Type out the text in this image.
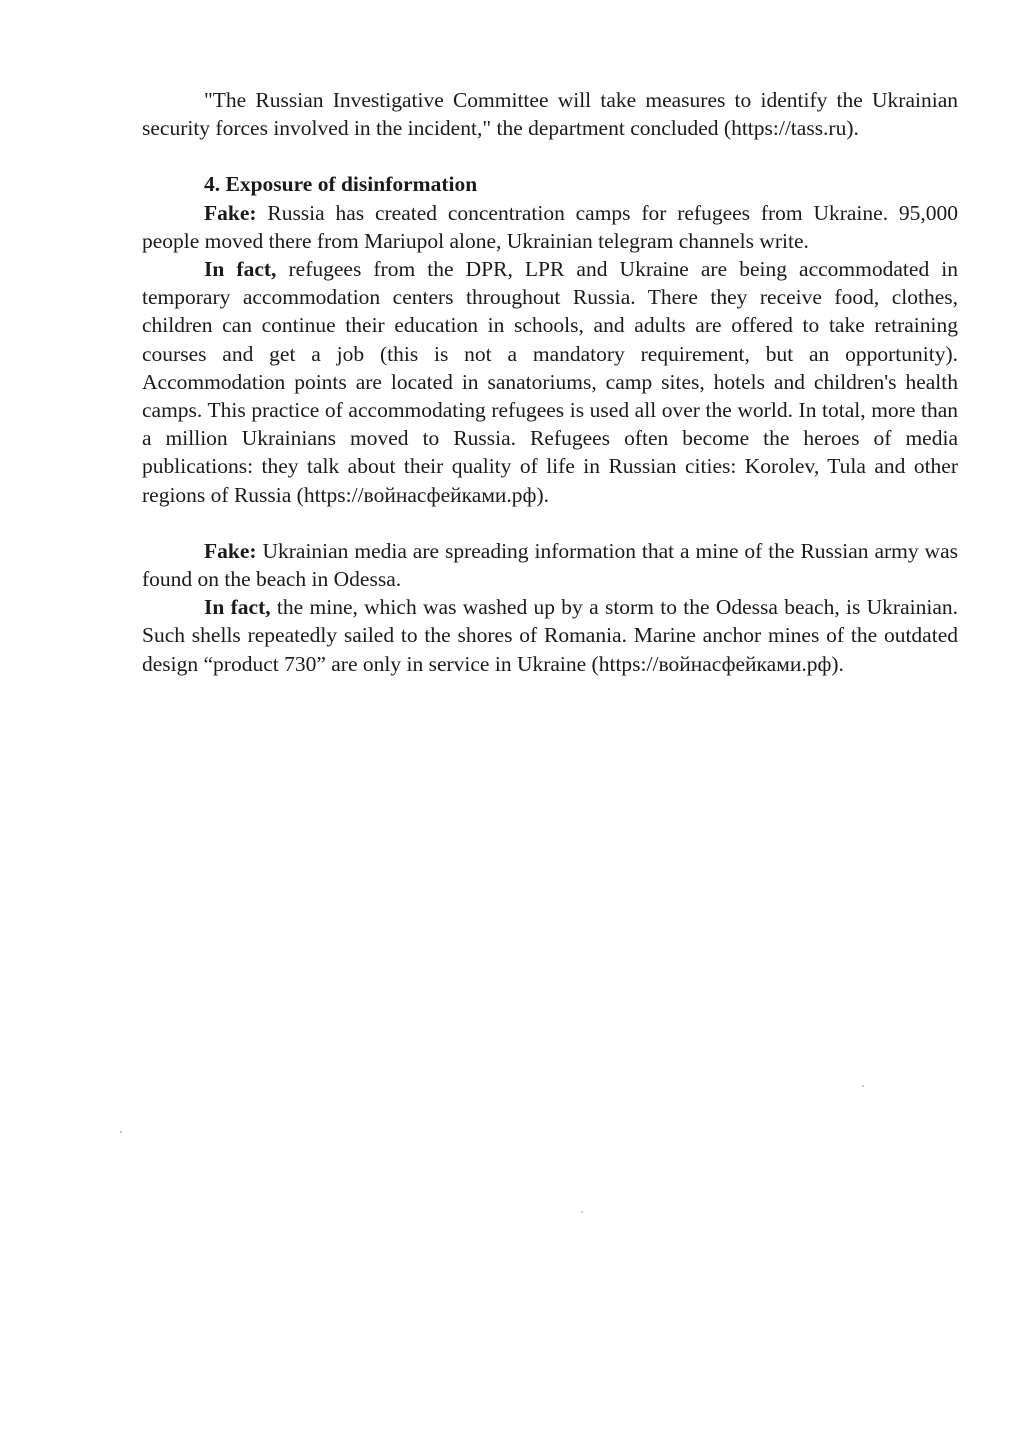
"The Russian Investigative Committee will take measures to identify the Ukrainian security forces involved in the incident," the department concluded (https://tass.ru).

4. Exposure of disinformation

Fake: Russia has created concentration camps for refugees from Ukraine. 95,000 people moved there from Mariupol alone, Ukrainian telegram channels write.

In fact, refugees from the DPR, LPR and Ukraine are being accommodated in temporary accommodation centers throughout Russia. There they receive food, clothes, children can continue their education in schools, and adults are offered to take retraining courses and get a job (this is not a mandatory requirement, but an opportunity). Accommodation points are located in sanatoriums, camp sites, hotels and children's health camps. This practice of accommodating refugees is used all over the world. In total, more than a million Ukrainians moved to Russia. Refugees often become the heroes of media publications: they talk about their quality of life in Russian cities: Korolev, Tula and other regions of Russia (https://войнасфейками.рф).

Fake: Ukrainian media are spreading information that a mine of the Russian army was found on the beach in Odessa.

In fact, the mine, which was washed up by a storm to the Odessa beach, is Ukrainian. Such shells repeatedly sailed to the shores of Romania. Marine anchor mines of the outdated design “product 730” are only in service in Ukraine (https://войнасфейками.рф).
